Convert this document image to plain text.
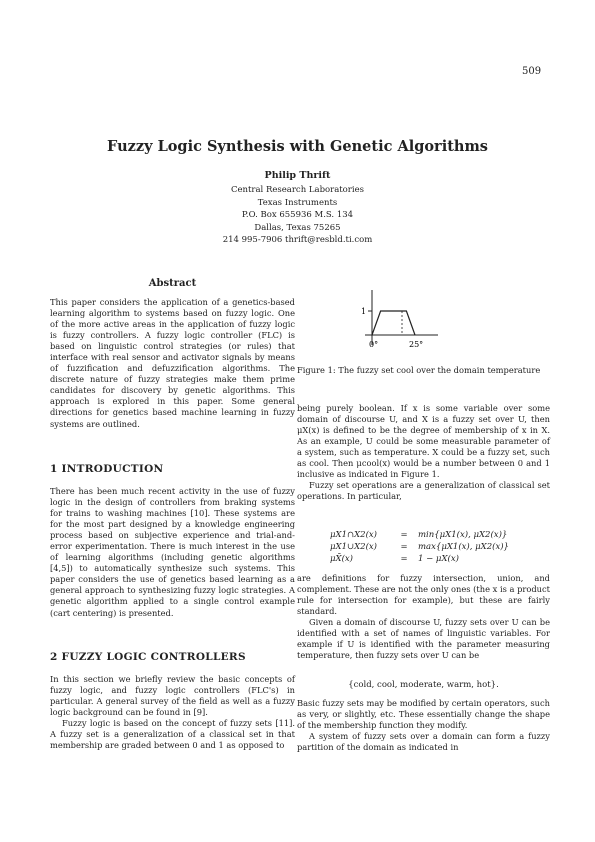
509
Fuzzy Logic Synthesis with Genetic Algorithms
Philip Thrift
Central Research Laboratories
Texas Instruments
P.O. Box 655936 M.S. 134
Dallas, Texas 75265
214 995-7906 thrift@resbld.ti.com
Abstract

This paper considers the application of a genetics-based learning algorithm to systems based on fuzzy logic. One of the more active areas in the application of fuzzy logic is fuzzy controllers. A fuzzy logic controller (FLC) is based on linguistic control strategies (or rules) that interface with real sensor and activator signals by means of fuzzification and defuzzification algorithms. The discrete nature of fuzzy strategies make them prime candidates for discovery by genetic algorithms. This approach is explored in this paper. Some general directions for genetics based machine learning in fuzzy systems are outlined.

1 INTRODUCTION

There has been much recent activity in the use of fuzzy logic in the design of controllers from braking systems for trains to washing machines [10]. These systems are for the most part designed by a knowledge engineering process based on subjective experience and trial-and-error experimentation. There is much interest in the use of learning algorithms (including genetic algorithms [4,5]) to automatically synthesize such systems. This paper considers the use of genetics based learning as a general approach to synthesizing fuzzy logic strategies. A genetic algorithm applied to a single control example (cart centering) is presented.

2 FUZZY LOGIC CONTROLLERS

In this section we briefly review the basic concepts of fuzzy logic, and fuzzy logic controllers (FLC's) in particular. A general survey of the field as well as a fuzzy logic background can be found in [9].

Fuzzy logic is based on the concept of fuzzy sets [11]. A fuzzy set is a generalization of a classical set in that membership are graded between 0 and 1 as opposed to

1
0°	25°
Figure 1: The fuzzy set cool over the domain temperature

being purely boolean. If x is some variable over some domain of discourse U, and X is a fuzzy set over U, then μX(x) is defined to be the degree of membership of x in X. As an example, U could be some measurable parameter of a system, such as temperature. X could be a fuzzy set, such as cool. Then μcool(x) would be a number between 0 and 1 inclusive as indicated in Figure 1.

Fuzzy set operations are a generalization of classical set operations. In particular,

μX1∩X2(x)	= min{μX1(x), μX2(x)}
μX1∪X2(x)	= max{μX1(x), μX2(x)}
μX̄(x)	= 1 − μX(x)

are definitions for fuzzy intersection, union, and complement. These are not the only ones (the x is a product rule for intersection for example), but these are fairly standard.

Given a domain of discourse U, fuzzy sets over U can be identified with a set of names of linguistic variables. For example if U is identified with the parameter measuring temperature, then fuzzy sets over U can be

{cold, cool, moderate, warm, hot}.

Basic fuzzy sets may be modified by certain operators, such as very, or slightly, etc. These essentially change the shape of the membership function they modify.

A system of fuzzy sets over a domain can form a fuzzy partition of the domain as indicated in
